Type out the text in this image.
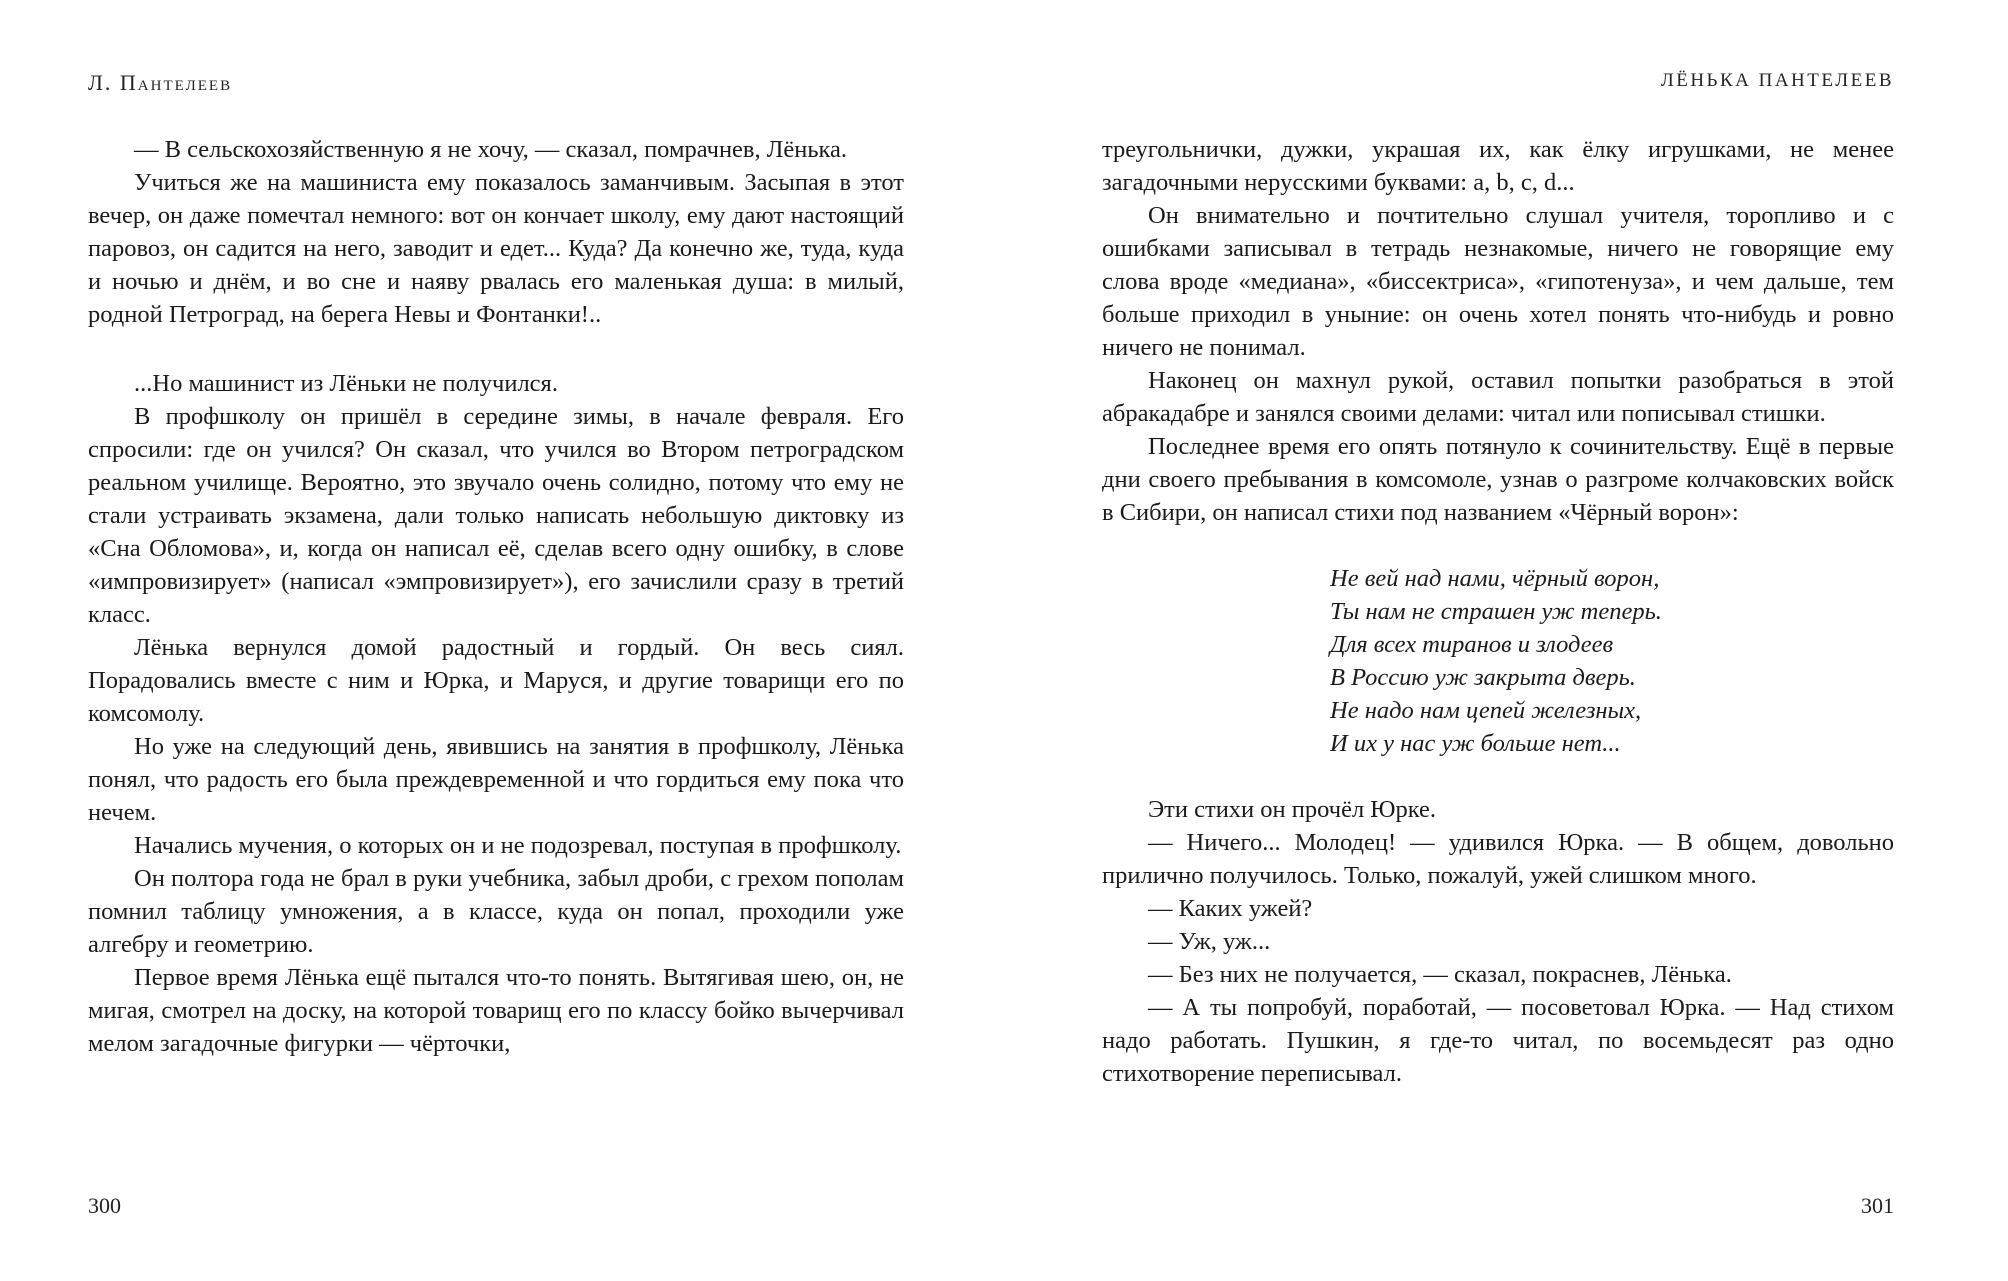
Л. Пантелеев

— В сельскохозяйственную я не хочу, — сказал, помрачнев, Лёнька.

Учиться же на машиниста ему показалось заманчивым. Засыпая в этот вечер, он даже помечтал немного: вот он кончает школу, ему дают настоящий паровоз, он садится на него, заводит и едет... Куда? Да конечно же, туда, куда и ночью и днём, и во сне и наяву рвалась его маленькая душа: в милый, родной Петроград, на берега Невы и Фонтанки!..

...Но машинист из Лёньки не получился.

В профшколу он пришёл в середине зимы, в начале февраля. Его спросили: где он учился? Он сказал, что учился во Втором петроградском реальном училище. Вероятно, это звучало очень солидно, потому что ему не стали устраивать экзамена, дали только написать небольшую диктовку из «Сна Обломова», и, когда он написал её, сделав всего одну ошибку, в слове «импровизирует» (написал «эмпровизирует»), его зачислили сразу в третий класс.

Лёнька вернулся домой радостный и гордый. Он весь сиял. Порадовались вместе с ним и Юрка, и Маруся, и другие товарищи его по комсомолу.

Но уже на следующий день, явившись на занятия в профшколу, Лёнька понял, что радость его была преждевременной и что гордиться ему пока что нечем.

Начались мучения, о которых он и не подозревал, поступая в профшколу.

Он полтора года не брал в руки учебника, забыл дроби, с грехом пополам помнил таблицу умножения, а в классе, куда он попал, проходили уже алгебру и геометрию.

Первое время Лёнька ещё пытался что-то понять. Вытягивая шею, он, не мигая, смотрел на доску, на которой товарищ его по классу бойко вычерчивал мелом загадочные фигурки — чёрточки,

300
ЛЁНЬКА ПАНТЕЛЕЕВ

треугольнички, дужки, украшая их, как ёлку игрушками, не менее загадочными нерусскими буквами: a, b, c, d...

Он внимательно и почтительно слушал учителя, торопливо и с ошибками записывал в тетрадь незнакомые, ничего не говорящие ему слова вроде «медиана», «биссектриса», «гипотенуза», и чем дальше, тем больше приходил в уныние: он очень хотел понять что-нибудь и ровно ничего не понимал.

Наконец он махнул рукой, оставил попытки разобраться в этой абракадабре и занялся своими делами: читал или пописывал стишки.

Последнее время его опять потянуло к сочинительству. Ещё в первые дни своего пребывания в комсомоле, узнав о разгроме колчаковских войск в Сибири, он написал стихи под названием «Чёрный ворон»:

Не вей над нами, чёрный ворон,
Ты нам не страшен уж теперь.
Для всех тиранов и злодеев
В Россию уж закрыта дверь.
Не надо нам цепей железных,
И их у нас уж больше нет...

Эти стихи он прочёл Юрке.

— Ничего... Молодец! — удивился Юрка. — В общем, довольно прилично получилось. Только, пожалуй, ужей слишком много.

— Каких ужей?

— Уж, уж...

— Без них не получается, — сказал, покраснев, Лёнька.

— А ты попробуй, поработай, — посоветовал Юрка. — Над стихом надо работать. Пушкин, я где-то читал, по восемьдесят раз одно стихотворение переписывал.

301
